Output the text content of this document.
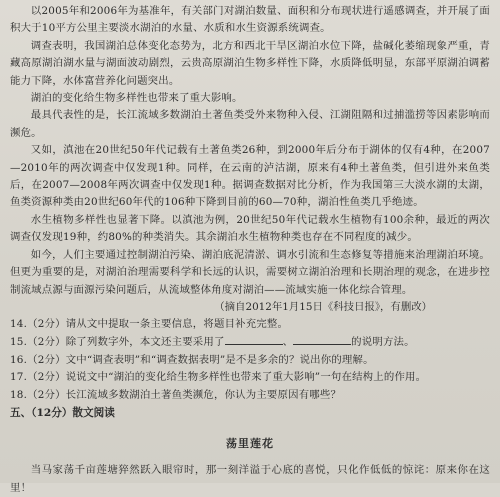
以2005年和2006年为基准年，有关部门对湖泊数量、面积和分布现状进行遥感调查，并开展了面积大于10平方公里主要淡水湖泊的水量、水质和水生资源系统调查。

调查表明，我国湖泊总体变化态势为，北方和西北干旱区湖泊水位下降，盐碱化萎缩现象严重，青藏高原湖泊湖水量与湖面波动剧烈，云贵高原湖泊生物多样性下降，水质降低明显，东部平原湖泊调蓄能力下降，水体富营养化问题突出。

湖泊的变化给生物多样性也带来了重大影响。

最具代表性的是，长江流域多数湖泊土著鱼类受外来物种入侵、江湖阻隔和过捕滥捞等因素影响而濒危。

又如，滇池在20世纪50年代记载有土著鱼类26种，到2000年后分布于湖体的仅有4种，在2007—2010年的两次调查中仅发现1种。同样，在云南的泸沽湖，原来有4种土著鱼类，但引进外来鱼类后，在2007—2008年两次调查中仅发现1种。据调查数据对比分析，作为我国第三大淡水湖的太湖，鱼类资源种类由20世纪60年代的106种下降到目前的60—70种，湖泊性鱼类几乎绝迹。

水生植物多样性也显著下降。以滇池为例，20世纪50年代记载水生植物有100余种，最近的两次调查仅发现19种，约80%的种类消失。其余湖泊水生植物种类也存在不同程度的减少。

如今，人们主要通过控制湖泊污染、湖泊底泥清淤、调水引流和生态修复等措施来治理湖泊环境。但更为重要的是，对湖泊治理需要科学和长远的认识，需要树立湖泊治理和长期治理的观念，在进步控制流域点源与面源污染问题后，从流域整体角度对湖泊——流域实施一体化综合管理。

（摘自2012年1月15日《科技日报》，有删改）

14.（2分）请从文中提取一条主要信息，将题目补充完整。

15.（2分）除了列数字外，本文还主要采用了	、	的说明方法。

16.（2分）文中“调查表明”和“调查数据表明”是不是多余的？说出你的理解。

17.（2分）说说文中“湖泊的变化给生物多样性也带来了重大影响”一句在结构上的作用。

18.（2分）长江流域多数湖泊土著鱼类濒危，你认为主要原因有哪些？

五、（12分）散文阅读

荡里莲花

当马家荡千亩莲塘猝然跃入眼帘时，那一刻洋溢于心底的喜悦，只化作低低的惊诧：原来你在这里！
